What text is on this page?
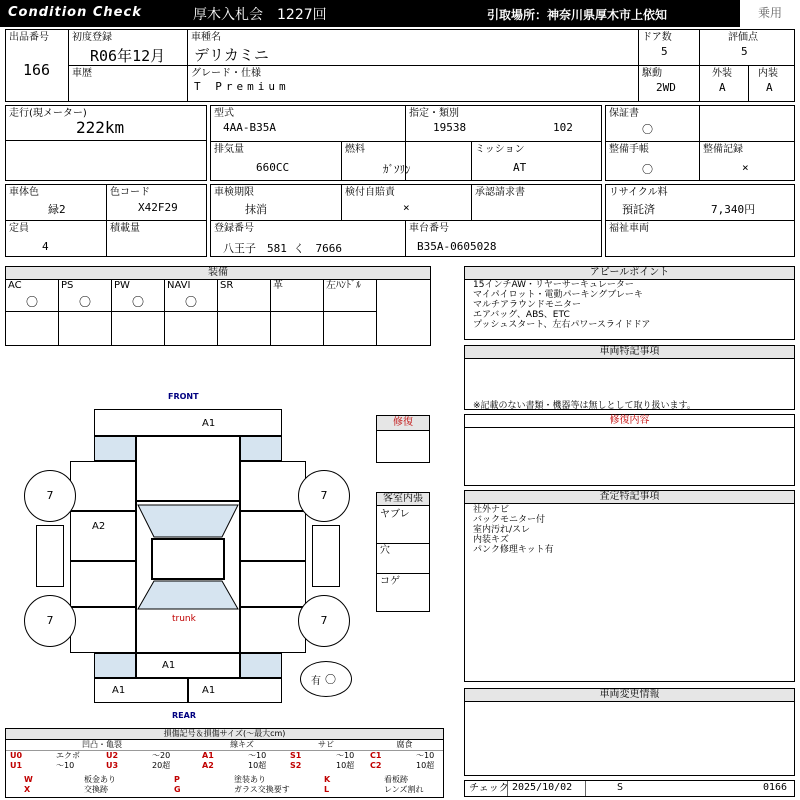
Condition Check	厚木入札会　1227回	引取場所：神奈川県厚木市上依知	乗用
出品番号
166
初度登録
R06年12月
車歴
車種名
デリカミニ
グレード・仕様
T Premium
ドア数
5
評価点
5
駆動
2WD
外装
A
内装
A
走行(現メーター)
222km
型式
4AA-B35A
指定・類別
19538	102
排気量
660CC
燃料
ｶﾞｿﾘﾝ
ミッション
AT
保証書
〇
整備手帳
〇
整備記録
×
車体色
緑2
色コード
X42F29
定員
4
積載量
車検期限
抹消
検付自賠責
×
承認請求書
登録番号
八王子　581 く　7666
車台番号
B35A-0605028
リサイクル料
預託済	7,340円
福祉車両
装備
AC
〇
PS
〇
PW
〇
NAVI
〇
SR	革	左ﾊﾝﾄﾞﾙ
アピールポイント
15インチAW・リヤーサーキュレーター
マイパイロット・電動パーキングブレーキ
マルチアラウンドモニター
エアバッグ、ABS、ETC
プッシュスタート、左右パワースライドドア
車両特記事項
※記載のない書類・機器等は無しとして取り扱います。
修復内容
査定特記事項
社外ナビ
バックモニター付
室内汚れ/スレ
内装キズ
パンク修理キット有
車両変更情報
チェック 2025/10/02	S	0166
FRONT
REAR
A1
A2
trunk
A1
A1	A1
7	7
7	7
有 〇
修復
客室内張
ヤブレ
穴
コゲ
損傷記号＆損傷サイズ(～最大cm)
凹凸・亀裂	線キズ	サビ	腐食
U0	エクボ	U2	～20	A1	～10	S1	～10 C1	～10
U1	～10	U3	20超	A2	10超	S2	10超 C2	10超
W	板金あり	P	塗装あり	K	看板跡
X	交換跡	G	ガラス交換要す	L	レンズ割れ
